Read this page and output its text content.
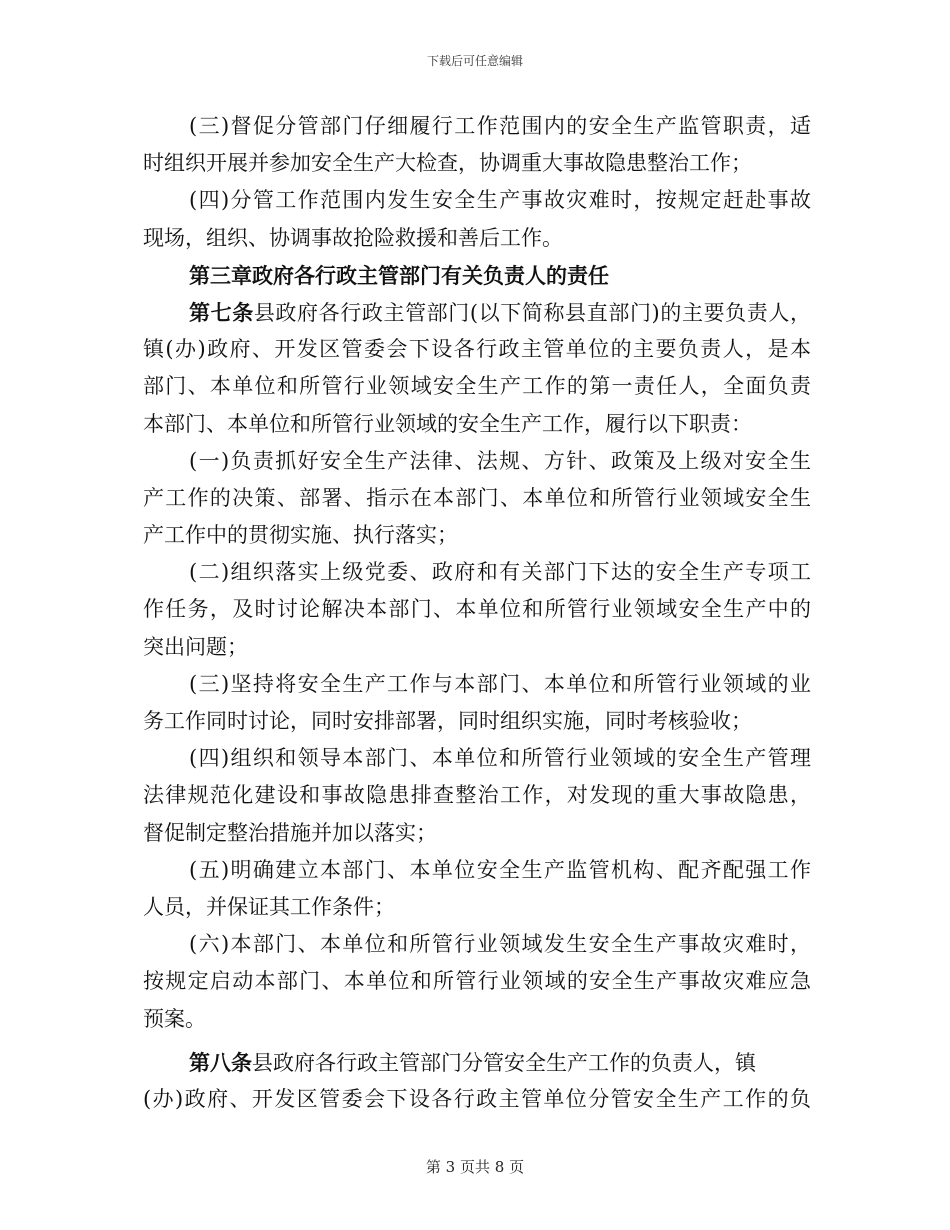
下载后可任意编辑
(三)督促分管部门仔细履行工作范围内的安全生产监管职责，适
时组织开展并参加安全生产大检查，协调重大事故隐患整治工作；
(四)分管工作范围内发生安全生产事故灾难时，按规定赶赴事故
现场，组织、协调事故抢险救援和善后工作。
第三章政府各行政主管部门有关负责人的责任
第七条县政府各行政主管部门(以下简称县直部门)的主要负责人，
镇(办)政府、开发区管委会下设各行政主管单位的主要负责人，是本
部门、本单位和所管行业领域安全生产工作的第一责任人，全面负责
本部门、本单位和所管行业领域的安全生产工作，履行以下职责：
(一)负责抓好安全生产法律、法规、方针、政策及上级对安全生
产工作的决策、部署、指示在本部门、本单位和所管行业领域安全生
产工作中的贯彻实施、执行落实；
(二)组织落实上级党委、政府和有关部门下达的安全生产专项工
作任务，及时讨论解决本部门、本单位和所管行业领域安全生产中的
突出问题；
(三)坚持将安全生产工作与本部门、本单位和所管行业领域的业
务工作同时讨论，同时安排部署，同时组织实施，同时考核验收；
(四)组织和领导本部门、本单位和所管行业领域的安全生产管理
法律规范化建设和事故隐患排查整治工作，对发现的重大事故隐患，
督促制定整治措施并加以落实；
(五)明确建立本部门、本单位安全生产监管机构、配齐配强工作
人员，并保证其工作条件；
(六)本部门、本单位和所管行业领域发生安全生产事故灾难时，
按规定启动本部门、本单位和所管行业领域的安全生产事故灾难应急
预案。
第八条县政府各行政主管部门分管安全生产工作的负责人，镇
(办)政府、开发区管委会下设各行政主管单位分管安全生产工作的负
第 3 页共 8 页
